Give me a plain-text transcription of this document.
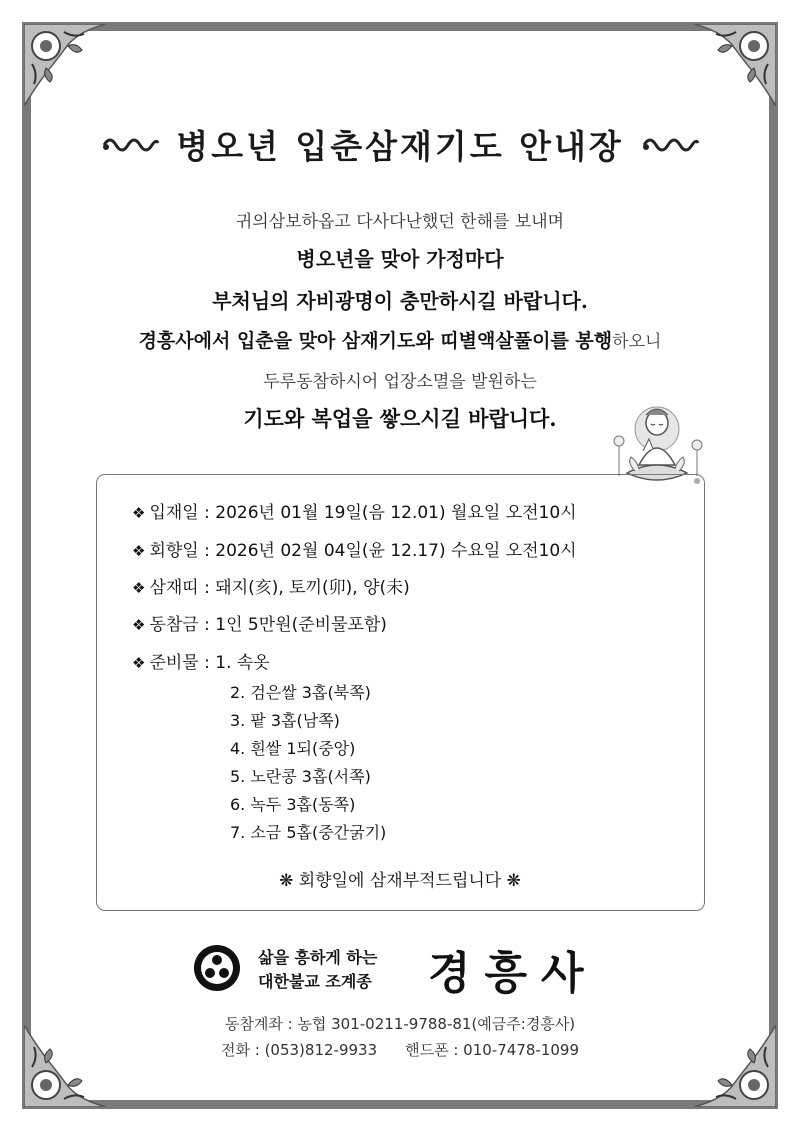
병오년 입춘삼재기도 안내장
귀의삼보하옵고 다사다난했던 한해를 보내며
병오년을 맞아 가정마다
부처님의 자비광명이 충만하시길 바랍니다.
경흥사에서 입춘을 맞아 삼재기도와 띠별액살풀이를 봉행하오니
두루동참하시어 업장소멸을 발원하는
기도와 복업을 쌓으시길 바랍니다.
❖ 입재일 : 2026년 01월 19일(음 12.01) 월요일 오전10시
❖ 회향일 : 2026년 02월 04일(윤 12.17) 수요일 오전10시
❖ 삼재띠 : 돼지(亥), 토끼(卯), 양(未)
❖ 동참금 : 1인 5만원(준비물포함)
❖ 준비물 : 1. 속옷
2. 검은쌀 3홉(북쪽)
3. 팥 3홉(남쪽)
4. 흰쌀 1되(중앙)
5. 노란콩 3홉(서쪽)
6. 녹두 3홉(동쪽)
7. 소금 5홉(중간굵기)
❋ 회향일에 삼재부적드립니다 ❋
삶을 흥하게 하는
대한불교 조계종 경흥사
동참계좌 : 농협 301-0211-9788-81(예금주:경흥사)
전화 : (053)812-9933 핸드폰 : 010-7478-1099
